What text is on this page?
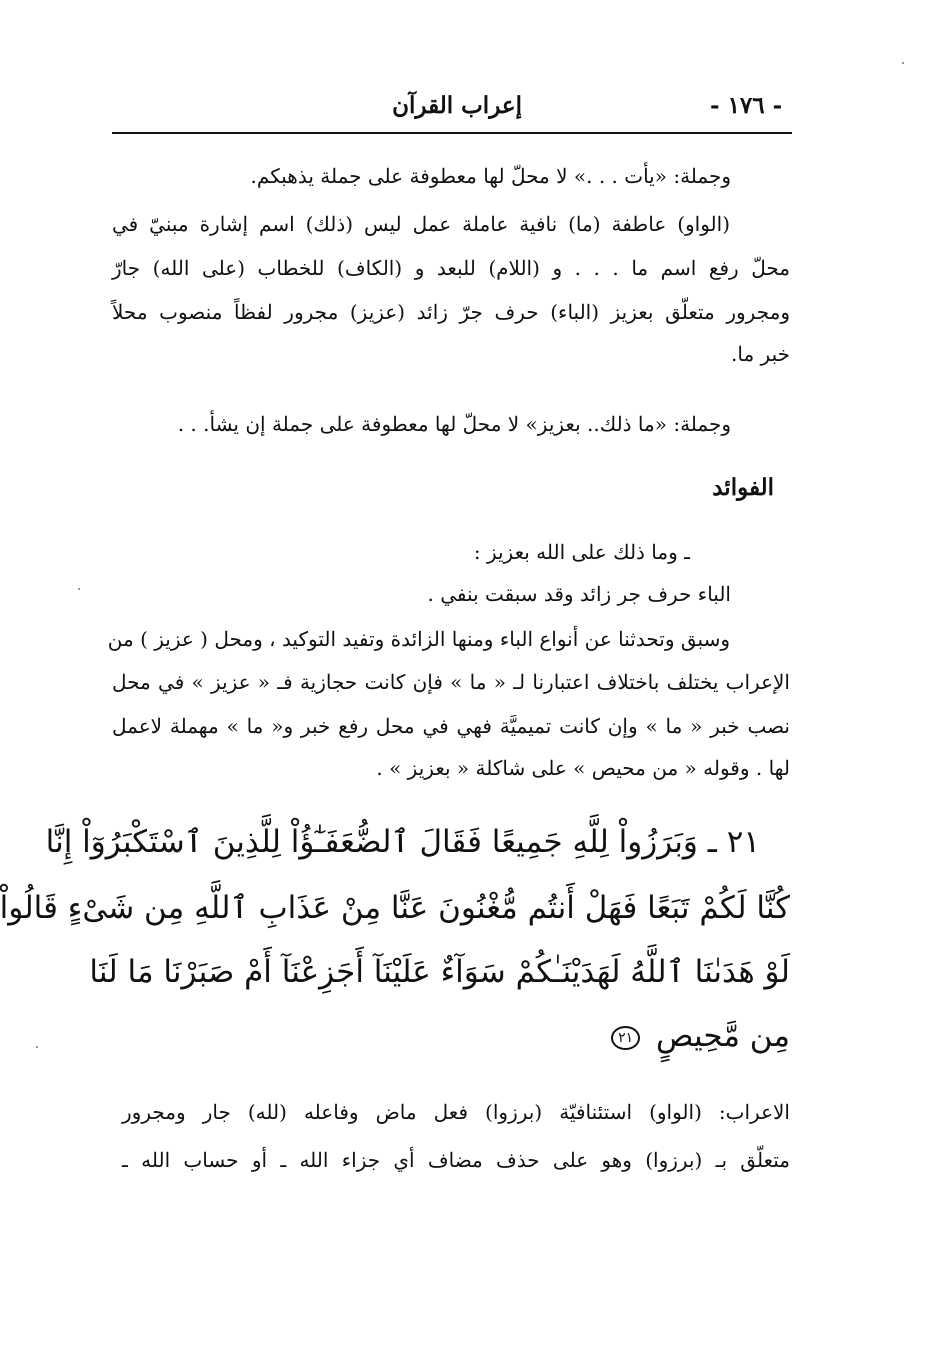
إعراب القرآن	- ١٧٦ -
وجملة: «يأت . . .» لا محلّ لها معطوفة على جملة يذهبكم.
(الواو) عاطفة (ما) نافية عاملة عمل ليس (ذلك) اسم إشارة مبنيّ في
محلّ رفع اسم ما . . . و (اللام) للبعد و (الكاف) للخطاب (على الله) جارّ
ومجرور متعلّق بعزيز (الباء) حرف جرّ زائد (عزيز) مجرور لفظاً منصوب محلاً
خبر ما.
وجملة: «ما ذلك.. بعزيز» لا محلّ لها معطوفة على جملة إن يشأ. . .
الفوائد
ـ وما ذلك على الله بعزيز :
الباء حرف جر زائد وقد سبقت بنفي .
وسبق وتحدثنا عن أنواع الباء ومنها الزائدة وتفيد التوكيد ، ومحل ( عزيز ) من
الإعراب يختلف باختلاف اعتبارنا لـ « ما » فإن كانت حجازية فـ « عزيز » في محل
نصب خبر « ما » وإن كانت تميميَّة فهي في محل رفع خبر و« ما » مهملة لاعمل
لها . وقوله « من محيص » على شاكلة « بعزيز » .
٢١ ـ وَبَرَزُواْ لِلَّهِ جَمِيعًا فَقَالَ ٱلضُّعَفَـٰٓؤُاْ لِلَّذِينَ ٱسْتَكْبَرُوٓاْ إِنَّا
كُنَّا لَكُمْ تَبَعًا فَهَلْ أَنتُم مُّغْنُونَ عَنَّا مِنْ عَذَابِ ٱللَّهِ مِن شَىْءٍ قَالُواْ
لَوْ هَدَىٰنَا ٱللَّهُ لَهَدَيْنَـٰكُمْ سَوَآءٌ عَلَيْنَآ أَجَزِعْنَآ أَمْ صَبَرْنَا مَا لَنَا
مِن مَّحِيصٍ ٢١
الاعراب: (الواو) استئنافيّة (برزوا) فعل ماض وفاعله (لله) جار ومجرور
متعلّق بـ (برزوا) وهو على حذف مضاف أي جزاء الله ـ أو حساب الله ـ
